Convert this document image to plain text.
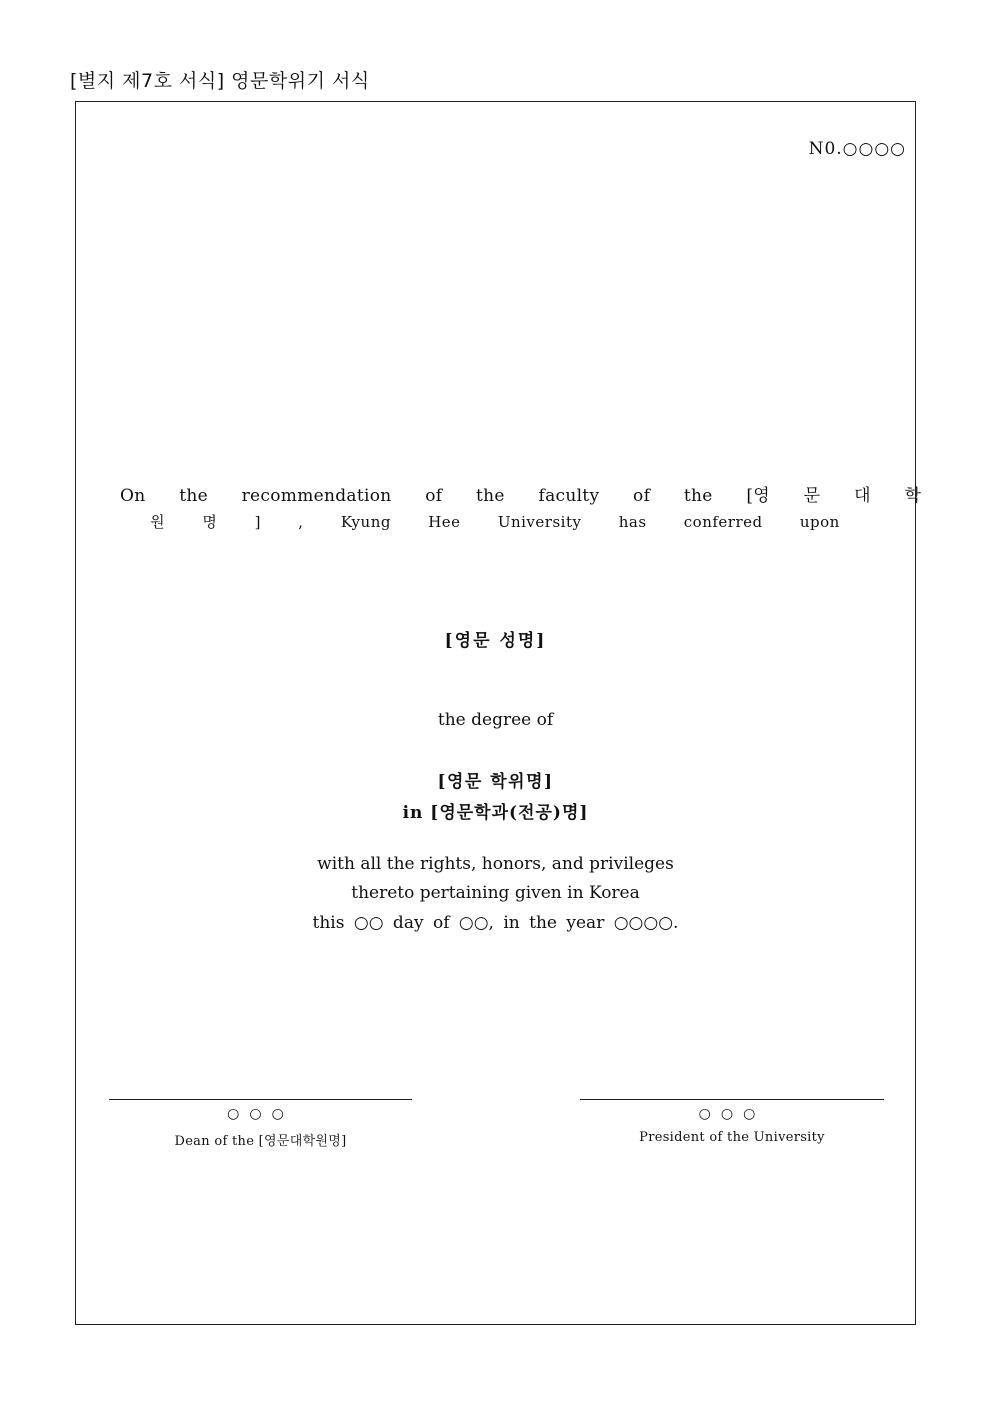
[별지 제7호 서식] 영문학위기 서식
N0.○○○○
On the recommendation of the faculty of the [영 문 대 학
원 명 ] , Kyung Hee University has conferred upon
[영문 성명]
the degree of
[영문 학위명]
in [영문학과(전공)명]
with all the rights, honors, and privileges
thereto pertaining given in Korea
this ○○ day of ○○, in the year ○○○○.
○○○	○○○
Dean of the [영문대학원명]	President of the University
